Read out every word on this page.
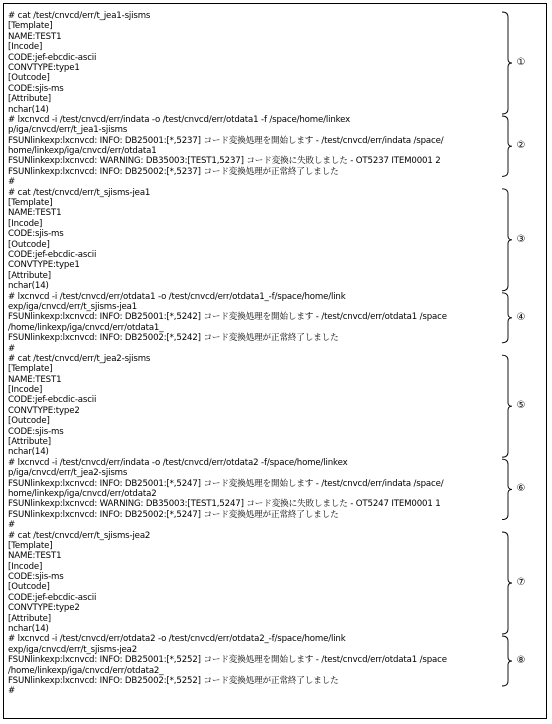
# cat /test/cnvcd/err/t_jea1-sjisms
[Template]
NAME:TEST1
[Incode]
CODE:jef-ebcdic-ascii
CONVTYPE:type1
[Outcode]
CODE:sjis-ms
[Attribute]
nchar(14)
# lxcnvcd -i /test/cnvcd/err/indata -o /test/cnvcd/err/otdata1 -f /space/home/linkex
p/iga/cnvcd/err/t_jea1-sjisms
FSUNlinkexp:lxcnvcd: INFO: DB25001:[*,5237] コード変換処理を開始します - /test/cnvcd/err/indata /space/
home/linkexp/iga/cnvcd/err/otdata1
FSUNlinkexp:lxcnvcd: WARNING: DB35003:[TEST1,5237] コード変換に失敗しました - OT5237 ITEM0001 2
FSUNlinkexp:lxcnvcd: INFO: DB25002:[*,5237] コード変換処理が正常終了しました
#
# cat /test/cnvcd/err/t_sjisms-jea1
[Template]
NAME:TEST1
[Incode]
CODE:sjis-ms
[Outcode]
CODE:jef-ebcdic-ascii
CONVTYPE:type1
[Attribute]
nchar(14)
# lxcnvcd -i /test/cnvcd/err/otdata1 -o /test/cnvcd/err/otdata1_-f/space/home/link
exp/iga/cnvcd/err/t_sjisms-jea1
FSUNlinkexp:lxcnvcd: INFO: DB25001:[*,5242] コード変換処理を開始します - /test/cnvcd/err/otdata1 /space
/home/linkexp/iga/cnvcd/err/otdata1_
FSUNlinkexp:lxcnvcd: INFO: DB25002:[*,5242] コード変換処理が正常終了しました
#
# cat /test/cnvcd/err/t_jea2-sjisms
[Template]
NAME:TEST1
[Incode]
CODE:jef-ebcdic-ascii
CONVTYPE:type2
[Outcode]
CODE:sjis-ms
[Attribute]
nchar(14)
# lxcnvcd -i /test/cnvcd/err/indata -o /test/cnvcd/err/otdata2 -f/space/home/linkex
p/iga/cnvcd/err/t_jea2-sjisms
FSUNlinkexp:lxcnvcd: INFO: DB25001:[*,5247] コード変換処理を開始します - /test/cnvcd/err/indata /space/
home/linkexp/iga/cnvcd/err/otdata2
FSUNlinkexp:lxcnvcd: WARNING: DB35003:[TEST1,5247] コード変換に失敗しました - OT5247 ITEM0001 1
FSUNlinkexp:lxcnvcd: INFO: DB25002:[*,5247] コード変換処理が正常終了しました
#
# cat /test/cnvcd/err/t_sjisms-jea2
[Template]
NAME:TEST1
[Incode]
CODE:sjis-ms
[Outcode]
CODE:jef-ebcdic-ascii
CONVTYPE:type2
[Attribute]
nchar(14)
# lxcnvcd -i /test/cnvcd/err/otdata2 -o /test/cnvcd/err/otdata2_-f/space/home/link
exp/iga/cnvcd/err/t_sjisms-jea2
FSUNlinkexp:lxcnvcd: INFO: DB25001:[*,5252] コード変換処理を開始します - /test/cnvcd/err/otdata1 /space
/home/linkexp/iga/cnvcd/err/otdata2_
FSUNlinkexp:lxcnvcd: INFO: DB25002:[*,5252] コード変換処理が正常終了しました
#
①
②
③
④
⑤
⑥
⑦
⑧
